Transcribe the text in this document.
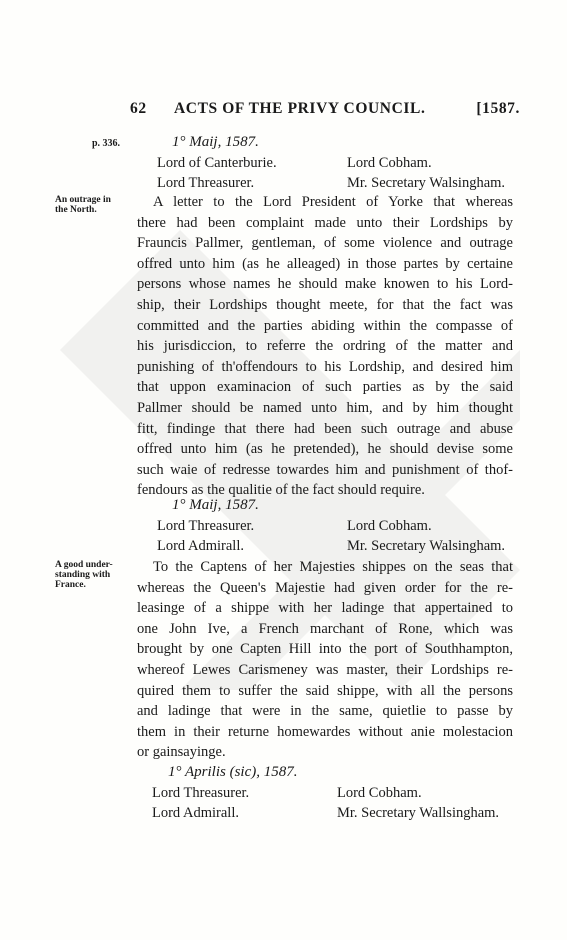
62 ACTS OF THE PRIVY COUNCIL.	[1587.
p. 336.	1° Maij, 1587.
Lord of Canterburie.	Lord Cobham.
Lord Threasurer.	Mr. Secretary Walsingham.
An outrage in
the North.	A letter to the Lord President of Yorke that whereas
there had been complaint made unto their Lordships by
Fraunсis Pallmer, gentleman, of some violence and outrage
offred unto him (as he alleaged) in those partes by certaine
persons whose names he should make knowen to his Lord-
ship, their Lordships thought meete, for that the fact was
committed and the parties abiding within the compasse of
his jurisdiccion, to referre the ordring of the matter and
punishing of th'offendours to his Lordship, and desired him
that uppon examinacion of such parties as by the said
Pallmer should be named unto him, and by him thought
fitt, findinge that there had been such outrage and abuse
offred unto him (as he pretended), he should devise some
such waie of redresse towardes him and punishment of thof-
fendours as the qualitie of the fact should require.
1° Maij, 1587.
Lord Threasurer.	Lord Cobham.
Lord Admirall.	Mr. Secretary Walsingham.
A good under-
standing with
France.
To the Captens of her Majesties shippes on the seas that
whereas the Queen's Majestie had given order for the re-
leasinge of a shippe with her ladinge that appertained to
one John Ive, a French marchant of Rone, which was
brought by one Capten Hill into the port of Southhampton,
whereof Lewes Carismeney was master, their Lordships re-
quired them to suffer the said shippe, with all the persons
and ladinge that were in the same, quietlie to passe by
them in their returne homewardes without anie molestacion
or gainsayinge.
1° Aprilis (sic), 1587.
Lord Threasurer.	Lord Cobham.
Lord Admirall.	Mr. Secretary Wallsingham.
